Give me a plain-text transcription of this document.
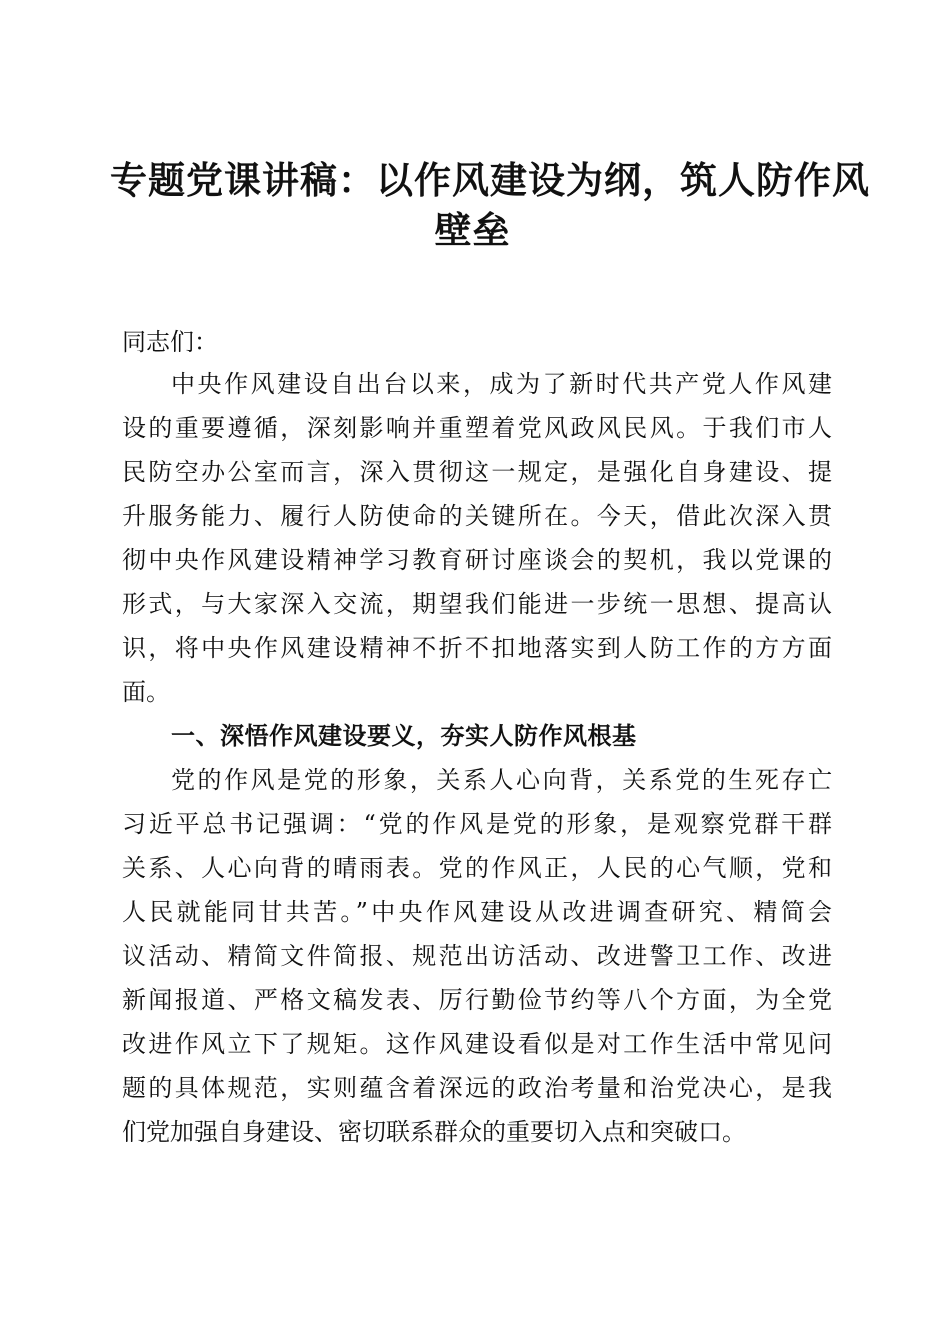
专题党课讲稿：以作风建设为纲，筑人防作风
壁垒

同志们：

中央作风建设自出台以来，成为了新时代共产党人作风建
设的重要遵循，深刻影响并重塑着党风政风民风。于我们市人
民防空办公室而言，深入贯彻这一规定，是强化自身建设、提
升服务能力、履行人防使命的关键所在。今天，借此次深入贯
彻中央作风建设精神学习教育研讨座谈会的契机，我以党课的
形式，与大家深入交流，期望我们能进一步统一思想、提高认
识，将中央作风建设精神不折不扣地落实到人防工作的方方面
面。
一、深悟作风建设要义，夯实人防作风根基
党的作风是党的形象，关系人心向背，关系党的生死存亡
习近平总书记强调：“党的作风是党的形象，是观察党群干群
关系、人心向背的晴雨表。党的作风正，人民的心气顺，党和
人民就能同甘共苦。”中央作风建设从改进调查研究、精简会
议活动、精简文件简报、规范出访活动、改进警卫工作、改进
新闻报道、严格文稿发表、厉行勤俭节约等八个方面，为全党
改进作风立下了规矩。这作风建设看似是对工作生活中常见问
题的具体规范，实则蕴含着深远的政治考量和治党决心，是我
们党加强自身建设、密切联系群众的重要切入点和突破口。
